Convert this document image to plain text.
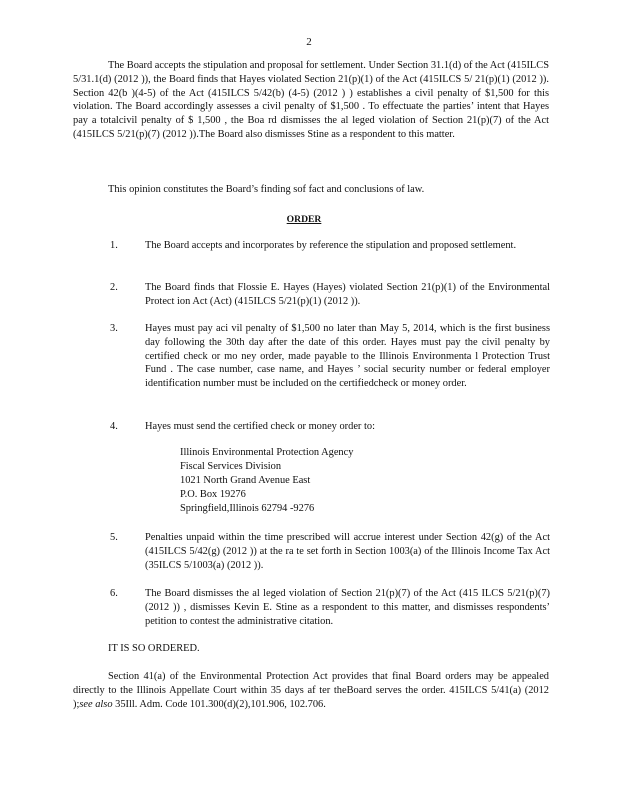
2

The Board accepts the stipulation and proposal for settlement. Under Section 31.1(d) of the Act (415ILCS 5/31.1(d) (2012 )), the Board finds that Hayes violated Section 21(p)(1) of the Act (415ILCS 5/ 21(p)(1) (2012 )). Section 42(b )(4-5) of the Act (415ILCS 5/42(b) (4-5) (2012 ) ) establishes a civil penalty of $1,500 for this violation. The Board accordingly assesses a civil penalty of $1,500 . To effectuate the parties’ intent that Hayes pay a totalcivil penalty of $ 1,500 , the Boa rd dismisses the al leged violation of Section 21(p)(7) of the Act (415ILCS 5/21(p)(7) (2012 )).The Board also dismisses Stine as a respondent to this matter.

This opinion constitutes the Board’s finding sof fact and conclusions of law.

ORDER
1.	The Board accepts and incorporates by reference the stipulation and proposed settlement.
2.	The Board finds that Flossie E. Hayes (Hayes) violated Section 21(p)(1) of the Environmental Protect ion Act (Act) (415ILCS 5/21(p)(1) (2012 )).
3.	Hayes must pay aci vil penalty of $1,500 no later than May 5, 2014, which is the first business day following the 30th day after the date of this order. Hayes must pay the civil penalty by certified check or mo ney order, made payable to the Illinois Environmenta l Protection Trust Fund . The case number, case name, and Hayes ’ social security number or federal employer identification number must be included on the certifiedcheck or money order.
4.	Hayes must send the certified check or money order to:
Illinois Environmental Protection Agency
Fiscal Services Division
1021 North Grand Avenue East
P.O. Box 19276
Springfield,Illinois 62794 -9276
5.	Penalties unpaid within the time prescribed will accrue interest under Section 42(g) of the Act (415ILCS 5/42(g) (2012 )) at the ra te set forth in Section 1003(a) of the Illinois Income Tax Act (35ILCS 5/1003(a) (2012 )).
6.	The Board dismisses the al leged violation of Section 21(p)(7) of the Act (415 ILCS 5/21(p)(7) (2012 )) , dismisses Kevin E. Stine as a respondent to this matter, and dismisses respondents’ petition to contest the administrative citation.

IT IS SO ORDERED.

Section 41(a) of the Environmental Protection Act provides that final Board orders may be appealed directly to the Illinois Appellate Court within 35 days af ter theBoard serves the order. 415ILCS 5/41(a) (2012 );see also 35Ill. Adm. Code 101.300(d)(2),101.906, 102.706.
